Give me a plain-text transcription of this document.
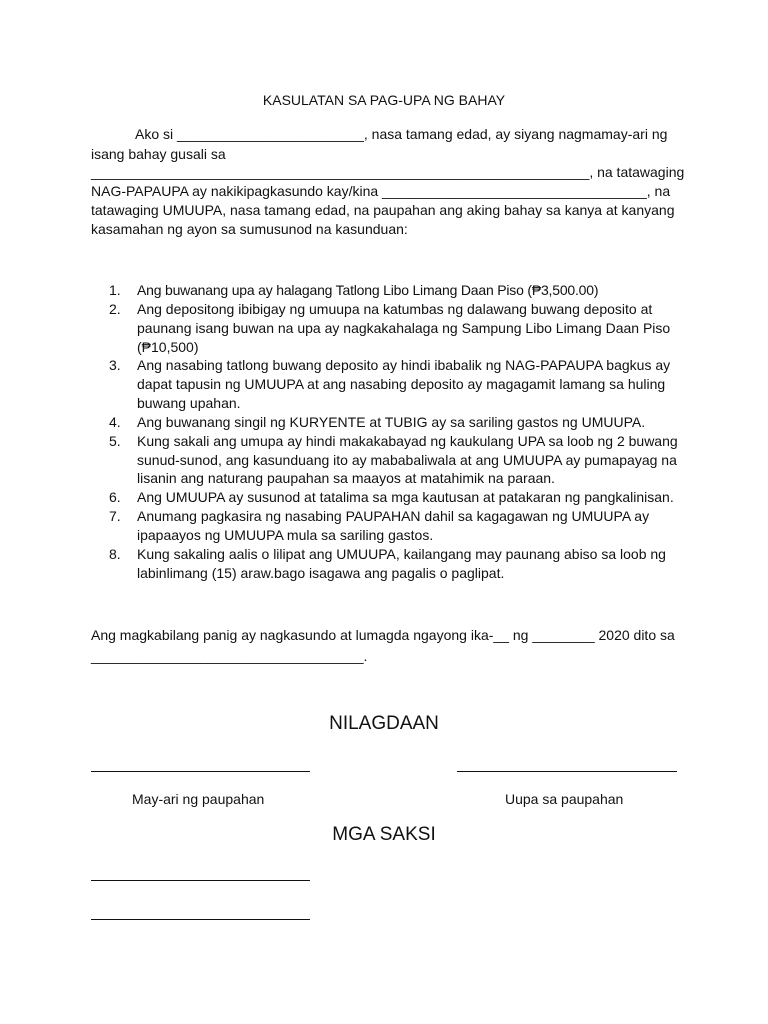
KASULATAN SA PAG-UPA NG BAHAY
Ako si ________________________, nasa tamang edad, ay siyang nagmamay-ari ng
isang bahay gusali sa
________________________________________________________________, na tatawaging
NAG-PAPAUPA ay nakikipagkasundo kay/kina __________________________________, na
tatawaging UMUUPA, nasa tamang edad, na paupahan ang aking bahay sa kanya at kanyang
kasamahan ng ayon sa sumusunod na kasunduan:
1. Ang buwanang upa ay halagang Tatlong Libo Limang Daan Piso (₱3,500.00)
2. Ang depositong ibibigay ng umuupa na katumbas ng dalawang buwang deposito at
paunang isang buwan na upa ay nagkakahalaga ng Sampung Libo Limang Daan Piso
(₱10,500)
3. Ang nasabing tatlong buwang deposito ay hindi ibabalik ng NAG-PAPAUPA bagkus ay
dapat tapusin ng UMUUPA at ang nasabing deposito ay magagamit lamang sa huling
buwang upahan.
4. Ang buwanang singil ng KURYENTE at TUBIG ay sa sariling gastos ng UMUUPA.
5. Kung sakali ang umupa ay hindi makakabayad ng kaukulang UPA sa loob ng 2 buwang
sunud-sunod, ang kasunduang ito ay mababaliwala at ang UMUUPA ay pumapayag na
lisanin ang naturang paupahan sa maayos at matahimik na paraan.
6. Ang UMUUPA ay susunod at tatalima sa mga kautusan at patakaran ng pangkalinisan.
7. Anumang pagkasira ng nasabing PAUPAHAN dahil sa kagagawan ng UMUUPA ay
ipapaayos ng UMUUPA mula sa sariling gastos.
8. Kung sakaling aalis o lilipat ang UMUUPA, kailangang may paunang abiso sa loob ng
labinlimang (15) araw.bago isagawa ang pagalis o paglipat.
Ang magkabilang panig ay nagkasundo at lumagda ngayong ika-__ ng ________ 2020 dito sa
___________________________________.
NILAGDAAN
May-ari ng paupahan	Uupa sa paupahan
MGA SAKSI
